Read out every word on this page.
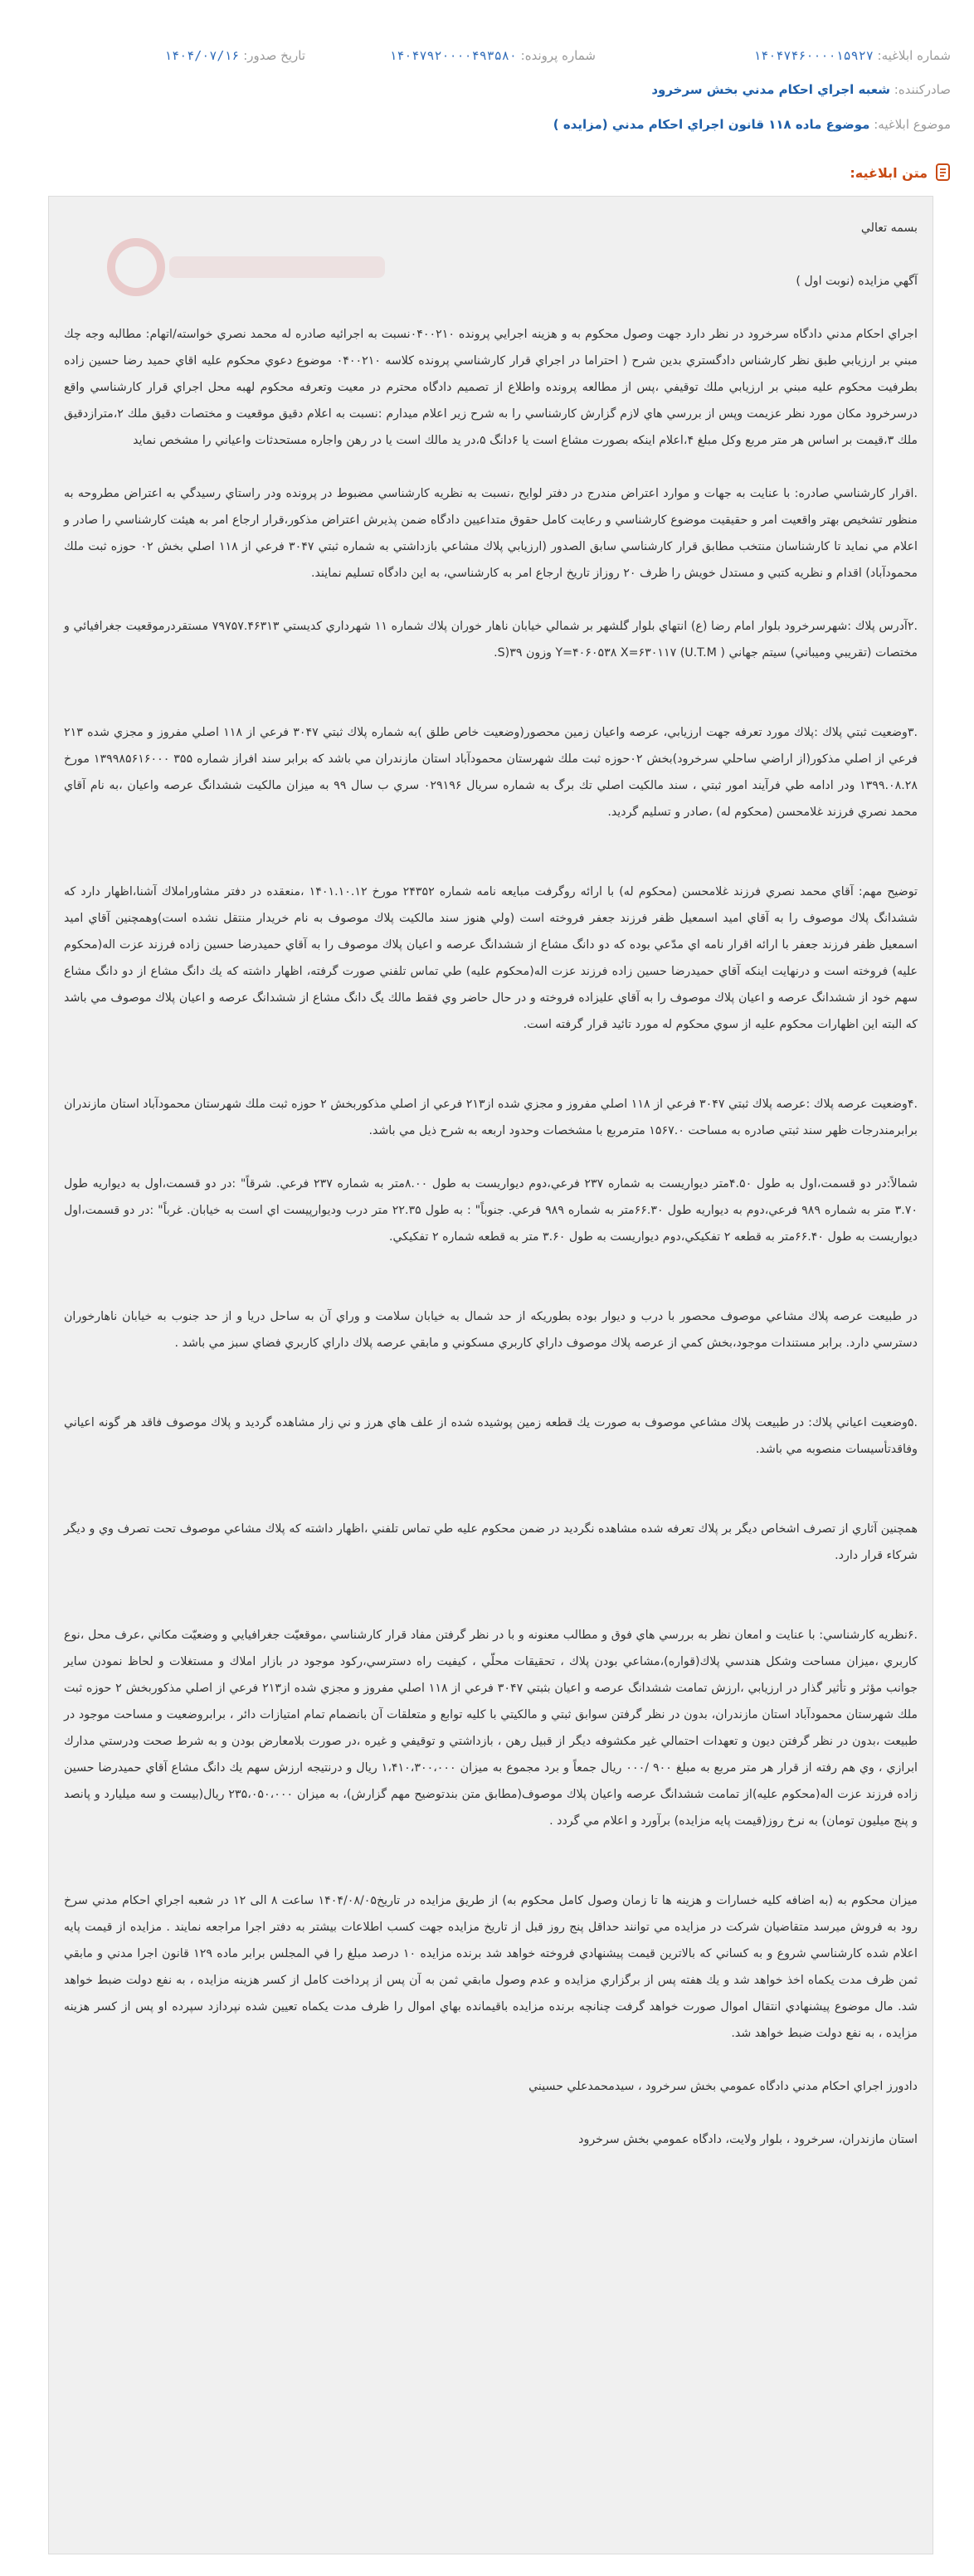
شماره ابلاغیه: ۱۴۰۴۷۴۶۰۰۰۰۱۵۹۲۷
شماره پرونده: ۱۴۰۴۷۹۲۰۰۰۰۴۹۳۵۸۰
تاریخ صدور: ۱۴۰۴/۰۷/۱۶
صادرکننده: شعبه اجراي احكام مدني بخش سرخرود
موضوع ابلاغیه: موضوع ماده ۱۱۸ قانون اجراي احكام مدني (مزايده )
متن ابلاغیه:

بسمه تعالي

آگهي مزايده (نوبت اول )

اجراي احكام مدني دادگاه سرخرود در نظر دارد جهت وصول محكوم به و هزينه اجرايي پرونده ۰۴۰۰۲۱۰نسبت به اجرائيه صادره له محمد نصري خواسته/اتهام: مطالبه وجه چك مبني بر ارزيابي طبق نظر كارشناس دادگستري بدين شرح ( احتراما در اجراي قرار كارشناسي پرونده كلاسه ۰۴۰۰۲۱۰ موضوع دعوي محكوم عليه اقاي حميد رضا حسين زاده بطرفيت محكوم عليه مبني بر ارزيابي ملك توقيفي ،پس از مطالعه پرونده واطلاع از تصميم دادگاه محترم در معيت وتعرفه محكوم لهبه محل اجراي قرار كارشناسي واقع درسرخرود مكان مورد نظر عزيمت وپس از بررسي هاي لازم گزارش كارشناسي را به شرح زير اعلام ميدارم :نسبت به اعلام دقيق موقعيت و مختصات دقيق ملك ۲،مترازدقيق ملك ۳،قيمت بر اساس هر متر مربع وكل مبلغ ۴،اعلام اينكه بصورت مشاع است يا ۶دانگ ۵،در يد مالك است يا در رهن واجاره مستحدثات واعياني را مشخص نمايد

.اقرار كارشناسي صادره: با عنايت به جهات و موارد اعتراض مندرج در دفتر لوايح ،نسبت به نظريه كارشناسي مضبوط در پرونده ودر راستاي رسيدگي به اعتراض مطروحه به منظور تشخيص بهتر واقعيت امر و حقيقيت موضوع كارشناسي و رعايت كامل حقوق متداعيين دادگاه ضمن پذيرش اعتراض مذكور،قرار ارجاع امر به هيئت كارشناسي را صادر و اعلام مي نمايد تا كارشناسان منتخب مطابق قرار كارشناسي سابق الصدور (ارزيابي پلاك مشاعي بازداشتي به شماره ثبتي ۳۰۴۷ فرعي از ۱۱۸ اصلي بخش ۰۲ حوزه ثبت ملك محمودآباد) اقدام و نظريه كتبي و مستدل خويش را ظرف ۲۰ روزاز تاريخ ارجاع امر به كارشناسي، به اين دادگاه تسليم نمايند.

.۲آدرس پلاك :شهرسرخرود بلوار امام رضا (ع) انتهاي بلوار گلشهر بر شمالي خيابان ناهار خوران پلاك شماره ۱۱ شهرداري كديستي ۷۹۷۵۷.۴۶۳۱۳ مستقردرموقعيت جغرافيائي و مختصات (تقريبي وميباني) سيتم جهاني ( U.T.M) Y=۴۰۶۰۵۳۸ X=۶۳۰۱۱۷ وزون ۳۹(S.

.۳وضعيت ثبتي پلاك :پلاك مورد تعرفه جهت ارزيابي، عرصه واعيان زمين محصور(وضعيت خاص طلق )به شماره پلاك ثبتي ۳۰۴۷ فرعي از ۱۱۸ اصلي مفروز و مجزي شده ۲۱۳ فرعي از اصلي مذكور(از اراضي ساحلي سرخرود)بخش ۰۲حوزه ثبت ملك شهرستان محمودآباد استان مازندران مي باشد كه برابر سند افراز شماره ۳۵۵ ۱۳۹۹۸۵۶۱۶۰۰۰ مورخ ۱۳۹۹.۰۸.۲۸ ودر ادامه طي فرآيند امور ثبتي ، سند مالكيت اصلي تك برگ به شماره سريال ۰۲۹۱۹۶ سري ب سال ۹۹ به ميزان مالكيت ششدانگ عرصه واعيان ،به نام آقاي محمد نصري فرزند غلامحسن (محكوم له) ،صادر و تسليم گرديد.

توضيح مهم: آقاي محمد نصري فرزند غلامحسن (محكوم له) با ارائه روگرفت مبايعه نامه شماره ۲۴۳۵۲ مورخ ۱۴۰۱.۱۰.۱۲ ،منعقده در دفتر مشاوراملاك آشنا،اظهار دارد كه ششدانگ پلاك موصوف را به آقاي امید اسمعيل ظفر فرزند جعفر فروخته است (ولي هنوز سند مالكيت پلاك موصوف به نام خريدار منتقل نشده است)وهمچنين آقاي اميد اسمعيل ظفر فرزند جعفر با ارائه اقرار نامه اي مدّعي بوده كه دو دانگ مشاع از ششدانگ عرصه و اعيان پلاك موصوف را به آقاي حميدرضا حسين زاده فرزند عزت اله(محكوم عليه) فروخته است و درنهايت اينكه آقاي حميدرضا حسين زاده فرزند عزت اله(محكوم عليه) طي تماس تلفني صورت گرفته، اظهار داشته كه يك دانگ مشاع از دو دانگ مشاع سهم خود از ششدانگ عرصه و اعيان پلاك موصوف را به آقاي عليزاده فروخته و در حال حاضر وي فقط مالك يگ دانگ مشاع از ششدانگ عرصه و اعيان پلاك موصوف مي باشد كه البته اين اظهارات محكوم عليه از سوي محكوم له مورد تائيد قرار گرفته است.

.۴وضعيت عرصه پلاك :عرصه پلاك ثبتي ۳۰۴۷ فرعي از ۱۱۸ اصلي مفروز و مجزي شده از۲۱۳ فرعي از اصلي مذكوربخش ۲ حوزه ثبت ملك شهرستان محمودآباد استان مازندران برابرمندرجات ظهر سند ثبتي صادره به مساحت ۱۵۶۷.۰ مترمربع با مشخصات وحدود اربعه به شرح ذيل مي باشد.

شمالاً:در دو قسمت،اول به طول ۴.۵۰متر ديواريست به شماره ۲۳۷ فرعي،دوم ديواريست به طول ۸.۰۰متر به شماره ۲۳۷ فرعي. شرقاً" :در دو قسمت،اول به ديواريه طول ۳.۷۰ متر به شماره ۹۸۹ فرعي،دوم به ديواريه طول ۶۶.۳۰متر به شماره ۹۸۹ فرعي. جنوباً" : به طول ۲۲.۳۵ متر درب وديوارپيست اي است به خيابان. غرباً" :در دو قسمت،اول ديواريست به طول ۶۶.۴۰متر به قطعه ۲ تفكيكي،دوم ديواريست به طول ۳.۶۰ متر به قطعه شماره ۲ تفكيكي.

در طبيعت عرصه پلاك مشاعي موصوف محصور با درب و ديوار بوده بطوريكه از حد شمال به خيابان سلامت و وراي آن به ساحل دريا و از حد جنوب به خيابان ناهارخوران دسترسي دارد. برابر مستندات موجود،بخش كمي از عرصه پلاك موصوف داراي كاربري مسكوني و مابقي عرصه پلاك داراي كاربري فضاي سبز مي باشد .

.۵وضعيت اعياني پلاك: در طبيعت پلاك مشاعي موصوف به صورت يك قطعه زمين پوشيده شده از علف هاي هرز و ني زار مشاهده گرديد و پلاك موصوف فاقد هر گونه اعياني وفاقدتأسيسات منصوبه مي باشد.

همچنين آثاري از تصرف اشخاص ديگر بر پلاك تعرفه شده مشاهده نگرديد در ضمن محكوم عليه طي تماس تلفني ،اظهار داشته كه پلاك مشاعي موصوف تحت تصرف وي و ديگر شركاء قرار دارد.

.۶نظريه كارشناسي: با عنايت و امعان نظر به بررسي هاي فوق و مطالب معنونه و با در نظر گرفتن مفاد قرار كارشناسي ،موقعيّت جغرافيايي و وضعيّت مكاني ،عرف محل ،نوع كاربري ،ميزان مساحت وشكل هندسي پلاك(قواره)،مشاعي بودن پلاك ، تحقيقات محلّي ، كيفيت راه دسترسي،ركود موجود در بازار املاك و مستغلات و لحاظ نمودن ساير جوانب مؤثر و تأثير گذار در ارزيابي ،ارزش تمامت ششدانگ عرصه و اعيان بثبتي ۳۰۴۷ فرعي از ۱۱۸ اصلي مفروز و مجزي شده از۲۱۳ فرعي از اصلي مذكوربخش ۲ حوزه ثبت ملك شهرستان محمودآباد استان مازندران، بدون در نظر گرفتن سوابق ثبتي و مالكيتي با كليه توابع و متعلقات آن بانضمام تمام امتيازات دائر ، برابروضعيت و مساحت موجود در طبيعت ،بدون در نظر گرفتن ديون و تعهدات احتمالي غير مكشوفه ديگر از قبيل رهن ، بازداشتي و توقيفي و غيره ،در صورت بلامعارض بودن و به شرط صحت ودرستي مدارك ابرازي ، وي هم رفته از قرار هر متر مربع به مبلغ ۹۰۰ /۰۰۰ ريال جمعاً و برد مجموع به ميزان ۱،۴۱۰،۳۰۰،۰۰۰ ريال و درنتيجه ارزش سهم يك دانگ مشاع آقاي حميدرضا حسين زاده فرزند عزت اله(محكوم عليه)از تمامت ششدانگ عرصه واعيان پلاك موصوف(مطابق متن بندتوضيح مهم گزارش)، به ميزان ۲۳۵،۰۵۰،۰۰۰ ريال(بيست و سه ميليارد و پانصد و پنج ميليون تومان) به نرخ روز(قيمت پايه مزايده) برآورد و اعلام مي گردد .

ميزان محكوم به (به اضافه كليه خسارات و هزينه ها تا زمان وصول كامل محكوم به) از طريق مزايده در تاريخ۱۴۰۴/۰۸/۰۵ ساعت ۸ الی ۱۲ در شعبه اجراي احكام مدني سرخ رود به فروش ميرسد متقاضيان شركت در مزايده مي توانند حداقل پنج روز قبل از تاريخ مزايده جهت كسب اطلاعات بيشتر به دفتر اجرا مراجعه نمايند . مزايده از قيمت پايه اعلام شده كارشناسي شروع و به كساني كه بالاترين قيمت پيشنهادي فروخته خواهد شد برنده مزايده ۱۰ درصد مبلغ را في المجلس برابر ماده ۱۲۹ قانون اجرا مدني و مابقي ثمن ظرف مدت يكماه اخذ خواهد شد و يك هفته پس از برگزاري مزايده و عدم وصول مابقي ثمن به آن پس از پرداخت كامل از كسر هزينه مزايده ، به نفع دولت ضبط خواهد شد. مال موضوع پيشنهادي انتقال اموال صورت خواهد گرفت چنانچه برنده مزايده باقيمانده بهاي اموال را ظرف مدت يكماه تعيين شده نپردازد سپرده او پس از كسر هزينه مزايده ، به نفع دولت ضبط خواهد شد.

دادورز اجراي احكام مدني دادگاه عمومي بخش سرخرود ، سيدمحمدعلي حسيني

استان مازندران، سرخرود ، بلوار ولايت، دادگاه عمومي بخش سرخرود
